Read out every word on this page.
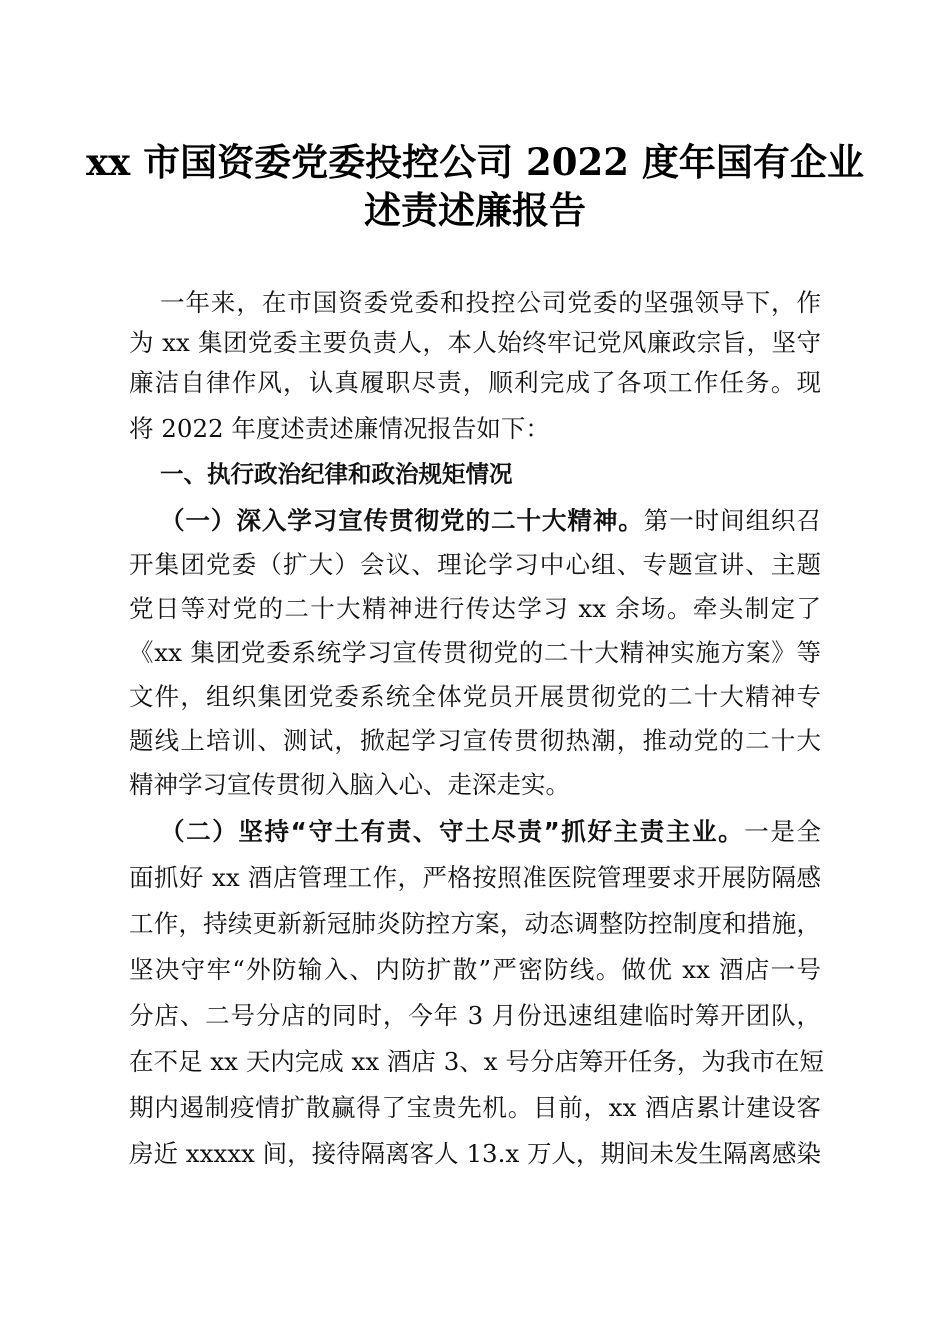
xx 市国资委党委投控公司 2022 度年国有企业
述责述廉报告

一年来，在市国资委党委和投控公司党委的坚强领导下，作

为 xx 集团党委主要负责人，本人始终牢记党风廉政宗旨，坚守

廉洁自律作风，认真履职尽责，顺利完成了各项工作任务。现

将 2022 年度述责述廉情况报告如下：

一、执行政治纪律和政治规矩情况

（一）深入学习宣传贯彻党的二十大精神。第一时间组织召

开集团党委（扩大）会议、理论学习中心组、专题宣讲、主题

党日等对党的二十大精神进行传达学习 xx 余场。牵头制定了

《xx 集团党委系统学习宣传贯彻党的二十大精神实施方案》等

文件，组织集团党委系统全体党员开展贯彻党的二十大精神专

题线上培训、测试，掀起学习宣传贯彻热潮，推动党的二十大

精神学习宣传贯彻入脑入心、走深走实。

（二）坚持“守土有责、守土尽责”抓好主责主业。一是全

面抓好 xx 酒店管理工作，严格按照准医院管理要求开展防隔感

工作，持续更新新冠肺炎防控方案，动态调整防控制度和措施，

坚决守牢“外防输入、内防扩散”严密防线。做优 xx 酒店一号

分店、二号分店的同时，今年 3 月份迅速组建临时筹开团队，

在不足 xx 天内完成 xx 酒店 3、x 号分店筹开任务，为我市在短

期内遏制疫情扩散赢得了宝贵先机。目前，xx 酒店累计建设客

房近 xxxxx 间，接待隔离客人 13.x 万人，期间未发生隔离感染
